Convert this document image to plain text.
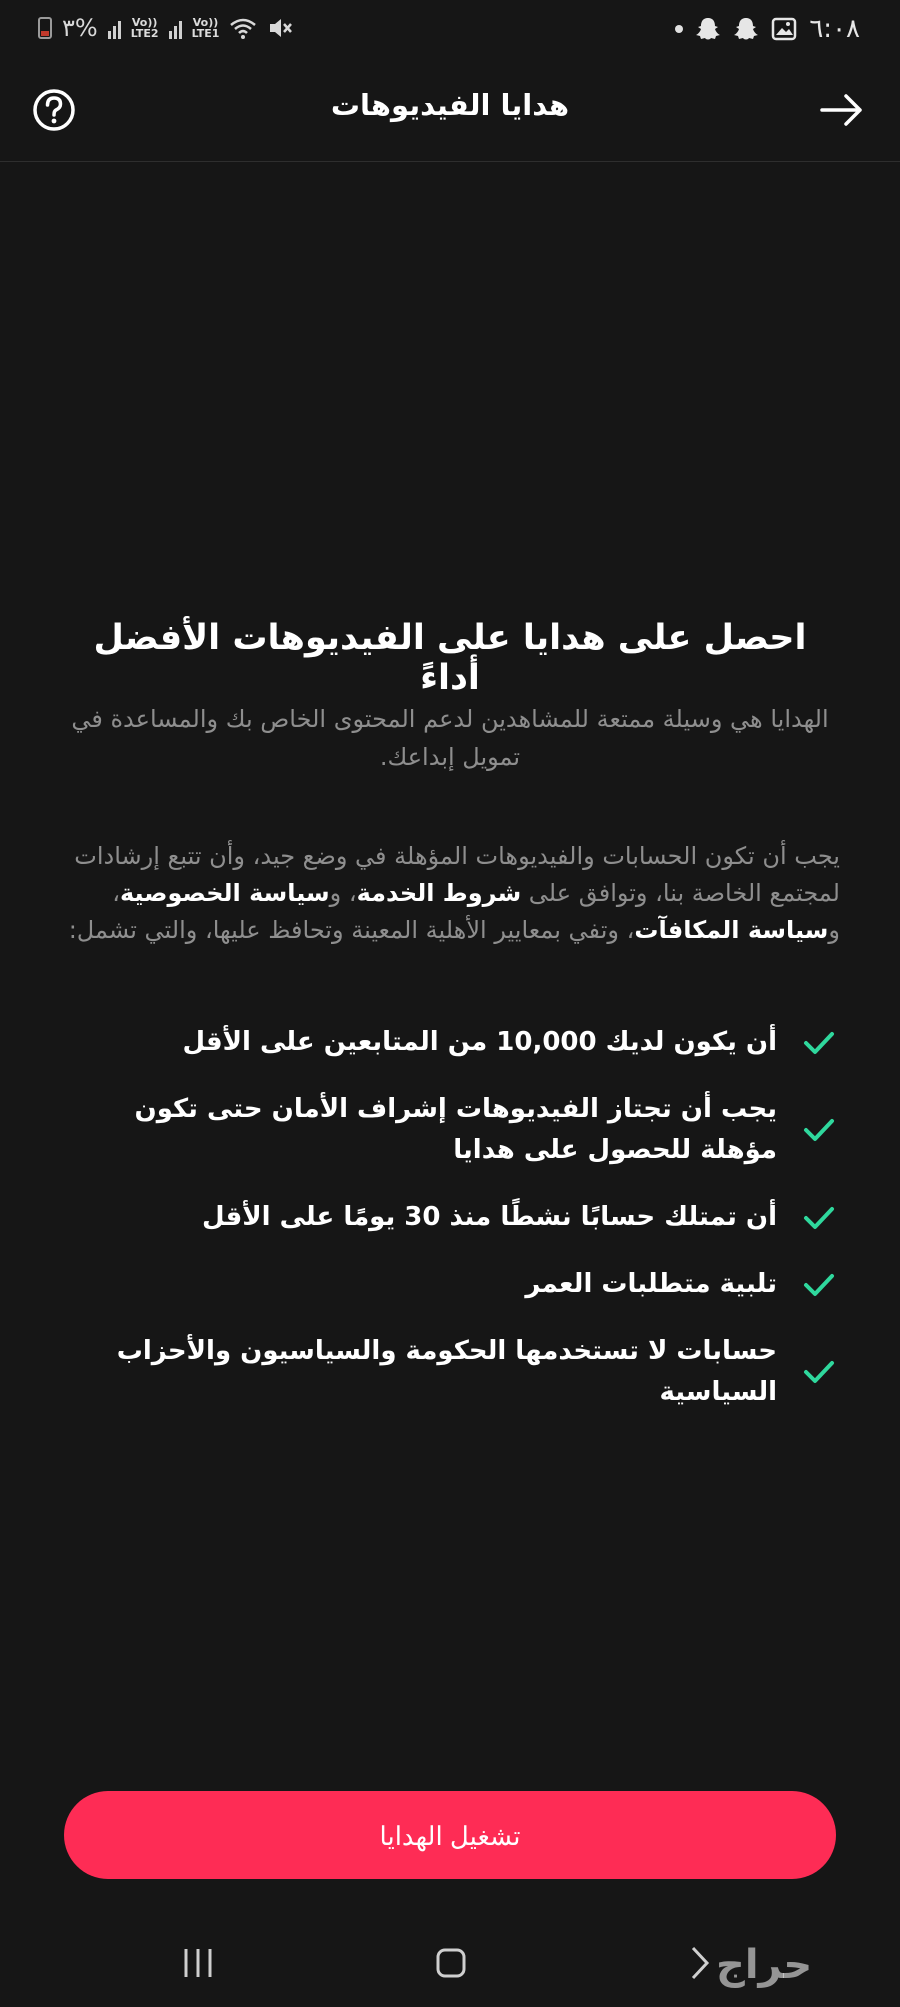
٣%	Vo))
LTE2
Vo))
LTE1	٦:٠٨
هدايا الفيديوهات
احصل على هدايا على الفيديوهات الأفضل أداءً
الهدايا هي وسيلة ممتعة للمشاهدين لدعم المحتوى الخاص بك والمساعدة في تمويل إبداعك.
يجب أن تكون الحسابات والفيديوهات المؤهلة في وضع جيد، وأن تتبع إرشادات لمجتمع الخاصة بنا، وتوافق على شروط الخدمة، وسياسة الخصوصية، وسياسة المكافآت، وتفي بمعايير الأهلية المعينة وتحافظ عليها، والتي تشمل:
أن يكون لديك 10,000 من المتابعين على الأقل
يجب أن تجتاز الفيديوهات إشراف الأمان حتى تكون مؤهلة للحصول على هدايا
أن تمتلك حسابًا نشطًا منذ 30 يومًا على الأقل
تلبية متطلبات العمر
حسابات لا تستخدمها الحكومة والسياسيون والأحزاب السياسية
تشغيل الهدايا
حراج
